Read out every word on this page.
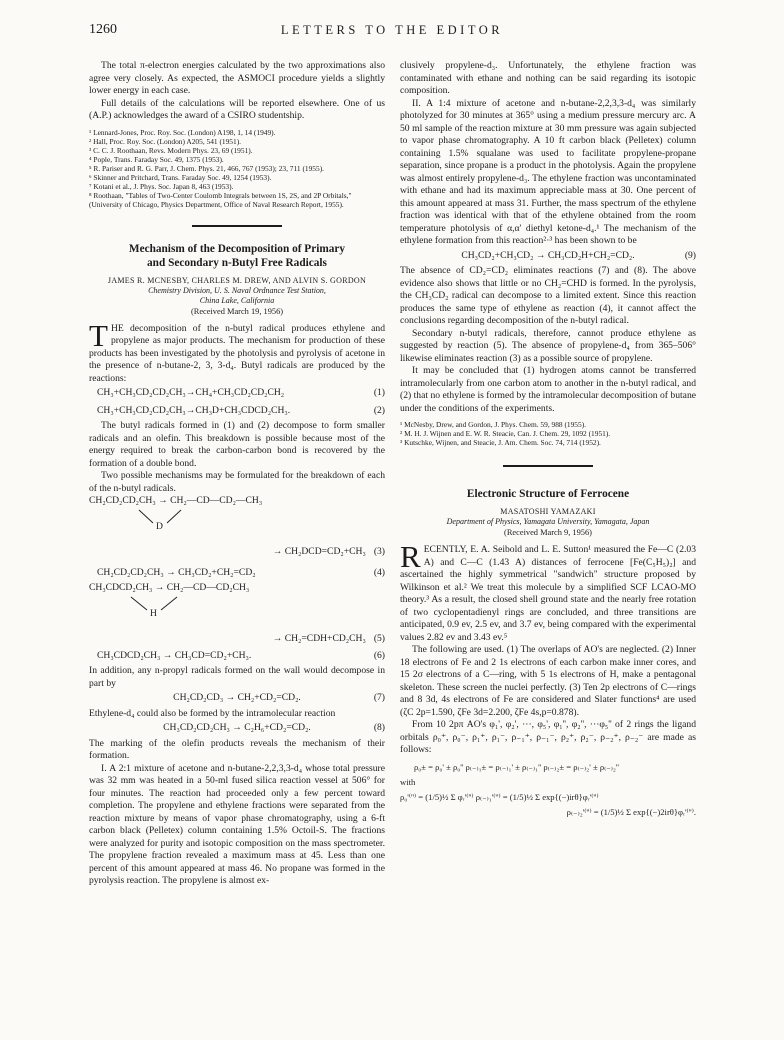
1260	LETTERS TO THE EDITOR

The total π-electron energies calculated by the two approximations also agree very closely. As expected, the ASMOCI procedure yields a slightly lower energy in each case.

Full details of the calculations will be reported elsewhere. One of us (A.P.) acknowledges the award of a CSIRO studentship.

¹ Lennard-Jones, Proc. Roy. Soc. (London) A198, 1, 14 (1949).
² Hall, Proc. Roy. Soc. (London) A205, 541 (1951).
³ C. C. J. Roothaan, Revs. Modern Phys. 23, 69 (1951).
⁴ Pople, Trans. Faraday Soc. 49, 1375 (1953).
⁵ R. Pariser and R. G. Parr, J. Chem. Phys. 21, 466, 767 (1953); 23, 711 (1955).
⁶ Skinner and Pritchard, Trans. Faraday Soc. 49, 1254 (1953).
⁷ Kotani et al., J. Phys. Soc. Japan 8, 463 (1953).
⁸ Roothaan, "Tables of Two-Center Coulomb Integrals between 1S, 2S, and 2P Orbitals," (University of Chicago, Physics Department, Office of Naval Research Report, 1955).
Mechanism of the Decomposition of Primary
and Secondary n-Butyl Free Radicals
JAMES R. MCNESBY, CHARLES M. DREW, AND ALVIN S. GORDON
Chemistry Division, U. S. Naval Ordnance Test Station,
China Lake, California
(Received March 19, 1956)

THE decomposition of the n-butyl radical produces ethylene and propylene as major products. The mechanism for production of these products has been investigated by the photolysis and pyrolysis of acetone in the presence of n-butane-2, 3, 3-d₄. Butyl radicals are produced by the reactions:

CH₃+CH₃CD₂CD₂CH₃→CH₄+CH₃CD₂CD₂CH₂	(1)
CH₃+CH₃CD₂CD₂CH₃→CH₃D+CH₃CDCD₂CH₃.	(2)

The butyl radicals formed in (1) and (2) decompose to form smaller radicals and an olefin. This breakdown is possible because most of the energy required to break the carbon-carbon bond is recovered by the formation of a double bond.

Two possible mechanisms may be formulated for the breakdown of each of the n-butyl radicals.

CH₂CD₂CD₂CH₃ → CH₂—CD—CD₂—CH₃
D
→ CH₂DCD=CD₂+CH₃ (3)
CH₂CD₂CD₂CH₃ → CH₃CD₂+CH₂=CD₂	(4)
CH₃CDCD₂CH₃ → CH₂—CD—CD₂CH₃
H
→ CH₂=CDH+CD₂CH₃ (5)
CH₃CDCD₂CH₃ → CH₃CD=CD₂+CH₃.	(6)

In addition, any n-propyl radicals formed on the wall would decompose in part by

CH₂CD₂CD₃ → CH₂+CD₂=CD₂.	(7)

Ethylene-d₄ could also be formed by the intramolecular reaction

CH₃CD₂CD₂CH₃ → C₂H₆+CD₂=CD₂.	(8)

The marking of the olefin products reveals the mechanism of their formation.

I. A 2:1 mixture of acetone and n-butane-2,2,3,3-d₄ whose total pressure was 32 mm was heated in a 50-ml fused silica reaction vessel at 506° for four minutes. The reaction had proceeded only a few percent toward completion. The propylene and ethylene fractions were separated from the reaction mixture by means of vapor phase chromatography, using a 6-ft carbon black (Pelletex) column containing 1.5% Octoil-S. The fractions were analyzed for purity and isotopic composition on the mass spectrometer. The propylene fraction revealed a maximum mass at 45. Less than one percent of this amount appeared at mass 46. No propane was formed in the pyrolysis reaction. The propylene is almost ex-

clusively propylene-d₃. Unfortunately, the ethylene fraction was contaminated with ethane and nothing can be said regarding its isotopic composition.

II. A 1:4 mixture of acetone and n-butane-2,2,3,3-d₄ was similarly photolyzed for 30 minutes at 365° using a medium pressure mercury arc. A 50 ml sample of the reaction mixture at 30 mm pressure was again subjected to vapor phase chromatography. A 10 ft carbon black (Pelletex) column containing 1.5% squalane was used to facilitate propylene-propane separation, since propane is a product in the photolysis. Again the propylene was almost entirely propylene-d₃. The ethylene fraction was uncontaminated with ethane and had its maximum appreciable mass at 30. One percent of this amount appeared at mass 31. Further, the mass spectrum of the ethylene fraction was identical with that of the ethylene obtained from the room temperature photolysis of α,α' diethyl ketone-d₄.¹ The mechanism of the ethylene formation from this reaction²·³ has been shown to be

CH₃CD₂+CH₃CD₂ → CH₃CD₂H+CH₂=CD₂.	(9)

The absence of CD₂=CD₂ eliminates reactions (7) and (8). The above evidence also shows that little or no CH₂=CHD is formed. In the pyrolysis, the CH₃CD₂ radical can decompose to a limited extent. Since this reaction produces the same type of ethylene as reaction (4), it cannot affect the conclusions regarding decomposition of the n-butyl radical.

Secondary n-butyl radicals, therefore, cannot produce ethylene as suggested by reaction (5). The absence of propylene-d₄ from 365–506° likewise eliminates reaction (3) as a possible source of propylene.

It may be concluded that (1) hydrogen atoms cannot be transferred intramolecularly from one carbon atom to another in the n-butyl radical, and (2) that no ethylene is formed by the intramolecular decomposition of butane under the conditions of the experiments.

¹ McNesby, Drew, and Gordon, J. Phys. Chem. 59, 988 (1955).
² M. H. J. Wijnen and E. W. R. Steacie, Can. J. Chem. 29, 1092 (1951).
³ Kutschke, Wijnen, and Steacie, J. Am. Chem. Soc. 74, 714 (1952).
Electronic Structure of Ferrocene
MASATOSHI YAMAZAKI
Department of Physics, Yamagata University, Yamagata, Japan
(Received March 9, 1956)

RECENTLY, E. A. Seibold and L. E. Sutton¹ measured the Fe—C (2.03 A) and C—C (1.43 A) distances of ferrocene [Fe(C₅H₅)₂] and ascertained the highly symmetrical "sandwich" structure proposed by Wilkinson et al.² We treat this molecule by a simplified SCF LCAO-MO theory.³ As a result, the closed shell ground state and the nearly free rotation of two cyclopentadienyl rings are concluded, and three transitions are anticipated, 0.9 ev, 2.5 ev, and 3.7 ev, being compared with the experimental values 2.82 ev and 3.43 ev.⁵

The following are used. (1) The overlaps of AO's are neglected. (2) Inner 18 electrons of Fe and 2 1s electrons of each carbon make inner cores, and 15 2σ electrons of a C—ring, with 5 1s electrons of H, make a pentagonal skeleton. These screen the nuclei perfectly. (3) Ten 2p electrons of C—rings and 8 3d, 4s electrons of Fe are considered and Slater functions⁴ are used (ζC 2p=1.590, ζFe 3d=2.200, ζFe 4s,p=0.878).

From 10 2pπ AO's φ₁', φ₂', ···, φ₅', φ₁'', φ₂'', ···φ₅'' of 2 rings the ligand orbitals ρ₀⁺, ρ₀⁻, ρ₁⁺, ρ₁⁻, ρ₋₁⁺, ρ₋₁⁻, ρ₂⁺, ρ₂⁻, ρ₋₂⁺, ρ₋₂⁻ are made as follows:

ρ₀± = ρ₀' ± ρ₀'' ρ₍₋₎₁± = ρ₍₋₎₁' ± ρ₍₋₎₁'' ρ₍₋₎₂± = ρ₍₋₎₂' ± ρ₍₋₎₂''
with
ρ₀'⁽''⁾ = (1/5)½ Σ φᵣ'⁽''⁾ ρ₍₋₎₁'⁽''⁾ = (1/5)½ Σ exp{(−)irθ}φᵣ'⁽''⁾
ρ₍₋₎₂'⁽''⁾ = (1/5)½ Σ exp{(−)2irθ}φᵣ'⁽''⁾.
